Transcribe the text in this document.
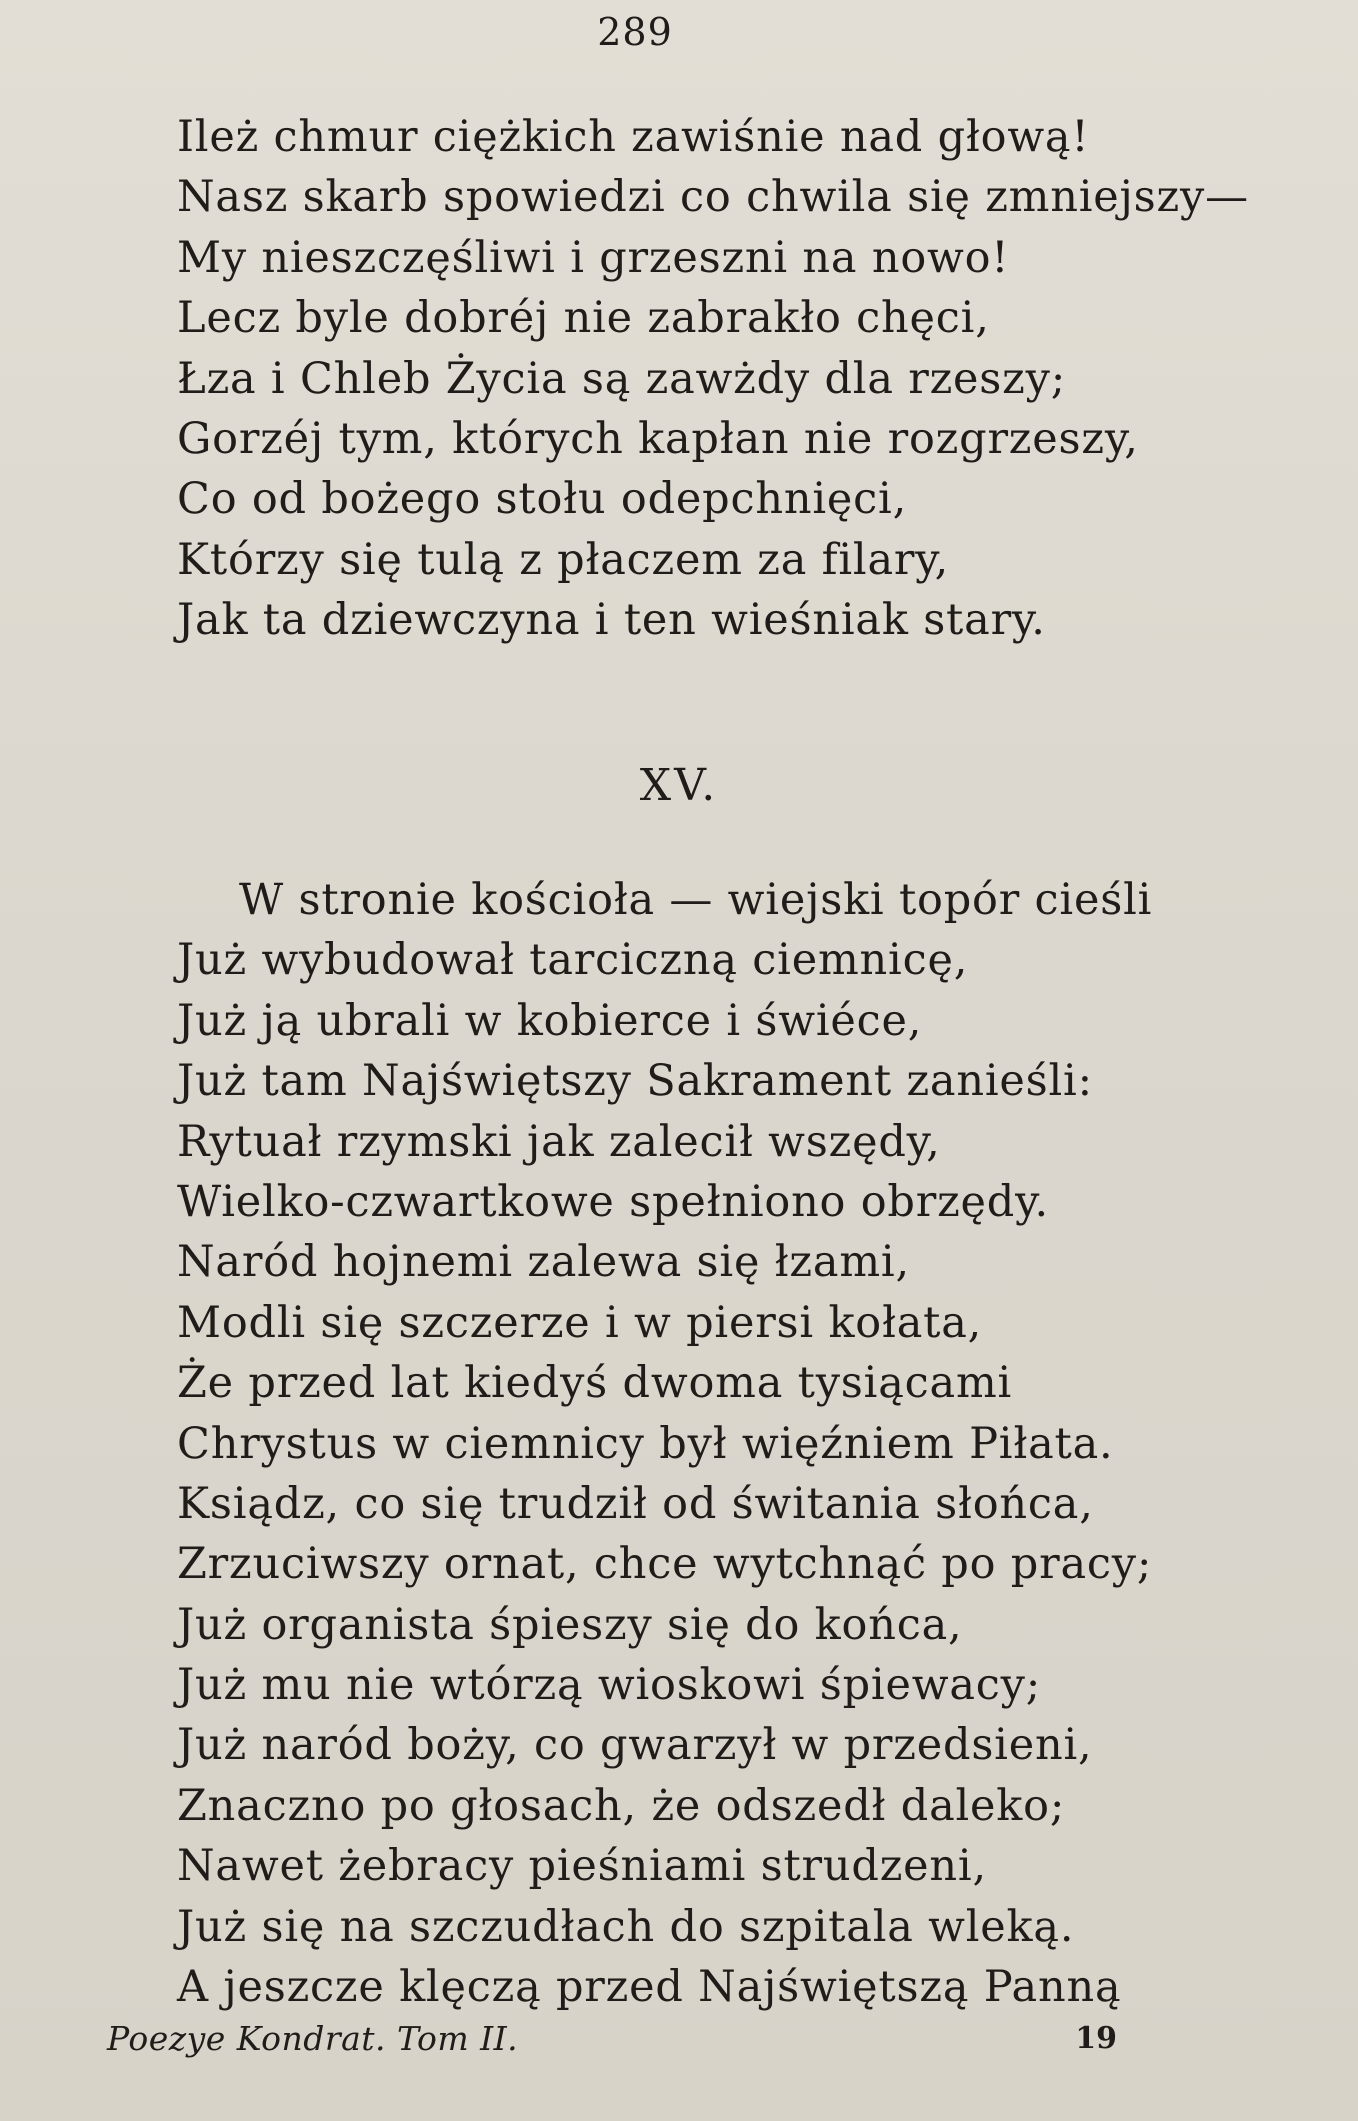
289
Ileż chmur ciężkich zawiśnie nad głową!
Nasz skarb spowiedzi co chwila się zmniejszy—
My nieszczęśliwi i grzeszni na nowo!
Lecz byle dobréj nie zabrakło chęci,
Łza i Chleb Życia są zawżdy dla rzeszy;
Gorzéj tym, których kapłan nie rozgrzeszy,
Co od bożego stołu odepchnięci,
Którzy się tulą z płaczem za filary,
Jak ta dziewczyna i ten wieśniak stary.
XV.
W stronie kościoła — wiejski topór cieśli
Już wybudował tarciczną ciemnicę,
Już ją ubrali w kobierce i świéce,
Już tam Najświętszy Sakrament zanieśli:
Rytuał rzymski jak zalecił wszędy,
Wielko-czwartkowe spełniono obrzędy.
Naród hojnemi zalewa się łzami,
Modli się szczerze i w piersi kołata,
Że przed lat kiedyś dwoma tysiącami
Chrystus w ciemnicy był więźniem Piłata.
Ksiądz, co się trudził od świtania słońca,
Zrzuciwszy ornat, chce wytchnąć po pracy;
Już organista śpieszy się do końca,
Już mu nie wtórzą wioskowi śpiewacy;
Już naród boży, co gwarzył w przedsieni,
Znaczno po głosach, że odszedł daleko;
Nawet żebracy pieśniami strudzeni,
Już się na szczudłach do szpitala wleką.
A jeszcze klęczą przed Najświętszą Panną
Poezye Kondrat. Tom II.	19
